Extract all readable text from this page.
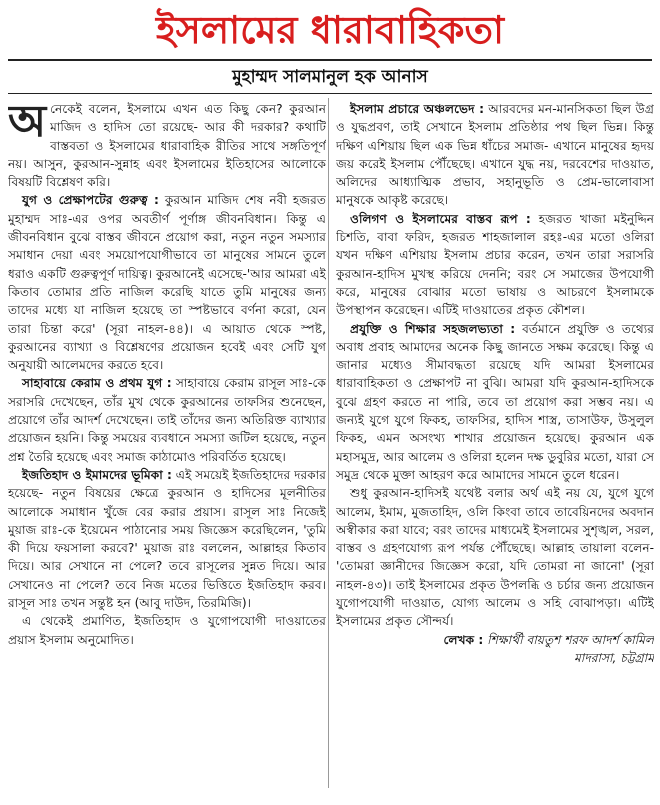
ইসলামের ধারাবাহিকতা
মুহাম্মদ সালমানুল হক আনাস

অনেকেই বলেন, ইসলামে এখন এত কিছু কেন? কুরআন মাজিদ ও হাদিস তো রয়েছে- আর কী দরকার? কথাটি বাস্তবতা ও ইসলামের ধারাবাহিক রীতির সাথে সঙ্গতিপূর্ণ নয়। আসুন, কুরআন-সুন্নাহ এবং ইসলামের ইতিহাসের আলোকে বিষয়টি বিশ্লেষণ করি।

যুগ ও প্রেক্ষাপটের গুরুত্ব : কুরআন মাজিদ শেষ নবী হজরত মুহাম্মদ সাঃ-এর ওপর অবতীর্ণ পূর্ণাঙ্গ জীবনবিধান। কিন্তু এ জীবনবিধান বুঝে বাস্তব জীবনে প্রয়োগ করা, নতুন নতুন সমস্যার সমাধান দেয়া এবং সময়োপযোগীভাবে তা মানুষের সামনে তুলে ধরাও একটি গুরুত্বপূর্ণ দায়িত্ব। কুরআনেই এসেছে-'আর আমরা এই কিতাব তোমার প্রতি নাজিল করেছি যাতে তুমি মানুষের জন্য তাদের মধ্যে যা নাজিল হয়েছে তা স্পষ্টভাবে বর্ণনা করো, যেন তারা চিন্তা করে' (সূরা নাহল-৪৪)। এ আয়াত থেকে স্পষ্ট, কুরআনের ব্যাখ্যা ও বিশ্লেষণের প্রয়োজন হবেই এবং সেটি যুগ অনুযায়ী আলেমদের করতে হবে।

সাহাবায়ে কেরাম ও প্রথম যুগ : সাহাবায়ে কেরাম রাসূল সাঃ-কে সরাসরি দেখেছেন, তাঁর মুখ থেকে কুরআনের তাফসির শুনেছেন, প্রয়োগে তাঁর আদর্শ দেখেছেন। তাই তাঁদের জন্য অতিরিক্ত ব্যাখ্যার প্রয়োজন হয়নি। কিন্তু সময়ের ব্যবধানে সমস্যা জটিল হয়েছে, নতুন প্রশ্ন তৈরি হয়েছে এবং সমাজ কাঠামোও পরিবর্তিত হয়েছে।

ইজতিহাদ ও ইমামদের ভূমিকা : এই সময়েই ইজতিহাদের দরকার হয়েছে- নতুন বিষয়ের ক্ষেত্রে কুরআন ও হাদিসের মূলনীতির আলোকে সমাধান খুঁজে বের করার প্রয়াস। রাসূল সাঃ নিজেই মুয়াজ রাঃ-কে ইয়েমেন পাঠানোর সময় জিজ্ঞেস করেছিলেন, 'তুমি কী দিয়ে ফয়সালা করবে?' মুয়াজ রাঃ বললেন, আল্লাহর কিতাব দিয়ে। আর সেখানে না পেলে? তবে রাসূলের সুন্নত দিয়ে। আর সেখানেও না পেলে? তবে নিজ মতের ভিত্তিতে ইজতিহাদ করব। রাসূল সাঃ তখন সন্তুষ্ট হন (আবু দাউদ, তিরমিজি)।

এ থেকেই প্রমাণিত, ইজতিহাদ ও যুগোপযোগী দাওয়াতের প্রয়াস ইসলাম অনুমোদিত।

ইসলাম প্রচারে অঞ্চলভেদ : আরবদের মন-মানসিকতা ছিল উগ্র ও যুদ্ধপ্রবণ, তাই সেখানে ইসলাম প্রতিষ্ঠার পথ ছিল ভিন্ন। কিন্তু দক্ষিণ এশিয়ায় ছিল এক ভিন্ন ধাঁচের সমাজ- এখানে মানুষের হৃদয় জয় করেই ইসলাম পৌঁছেছে। এখানে যুদ্ধ নয়, দরবেশের দাওয়াত, অলিদের আধ্যাত্মিক প্রভাব, সহানুভূতি ও প্রেম-ভালোবাসা মানুষকে আকৃষ্ট করেছে।

ওলিগণ ও ইসলামের বাস্তব রূপ : হজরত খাজা মইনুদ্দিন চিশতি, বাবা ফরিদ, হজরত শাহজালাল রহঃ-এর মতো ওলিরা যখন দক্ষিণ এশিয়ায় ইসলাম প্রচার করেন, তখন তারা সরাসরি কুরআন-হাদিস মুখস্থ করিয়ে দেননি; বরং সে সমাজের উপযোগী করে, মানুষের বোঝার মতো ভাষায় ও আচরণে ইসলামকে উপস্থাপন করেছেন। এটিই দাওয়াতের প্রকৃত কৌশল।

প্রযুক্তি ও শিক্ষার সহজলভ্যতা : বর্তমানে প্রযুক্তি ও তথ্যের অবাধ প্রবাহ আমাদের অনেক কিছু জানতে সক্ষম করেছে। কিন্তু এ জানার মধ্যেও সীমাবদ্ধতা রয়েছে যদি আমরা ইসলামের ধারাবাহিকতা ও প্রেক্ষাপট না বুঝি। আমরা যদি কুরআন-হাদিসকে বুঝে গ্রহণ করতে না পারি, তবে তা প্রয়োগ করা সম্ভব নয়। এ জন্যই যুগে যুগে ফিকহ, তাফসির, হাদিস শাস্ত্র, তাসাউফ, উসুলুল ফিকহ, এমন অসংখ্য শাখার প্রয়োজন হয়েছে। কুরআন এক মহাসমুদ্র, আর আলেম ও ওলিরা হলেন দক্ষ ডুবুরির মতো, যারা সে সমুদ্র থেকে মুক্তা আহরণ করে আমাদের সামনে তুলে ধরেন।

শুধু কুরআন-হাদিসই যথেষ্ট বলার অর্থ এই নয় যে, যুগে যুগে আলেম, ইমাম, মুজতাহিদ, ওলি কিংবা তাবে তাবেয়িনদের অবদান অস্বীকার করা যাবে; বরং তাদের মাধ্যমেই ইসলামের সুশৃঙ্খল, সরল, বাস্তব ও গ্রহণযোগ্য রূপ পর্যন্ত পৌঁছেছে। আল্লাহ তায়ালা বলেন-'তোমরা জ্ঞানীদের জিজ্ঞেস করো, যদি তোমরা না জানো' (সূরা নাহল-৪৩)। তাই ইসলামের প্রকৃত উপলব্ধি ও চর্চার জন্য প্রয়োজন যুগোপযোগী দাওয়াত, যোগ্য আলেম ও সহি বোঝাপড়া। এটিই ইসলামের প্রকৃত সৌন্দর্য।

লেখক : শিক্ষার্থী বায়তুশ শরফ আদর্শ কামিল
মাদরাসা, চট্টগ্রাম
